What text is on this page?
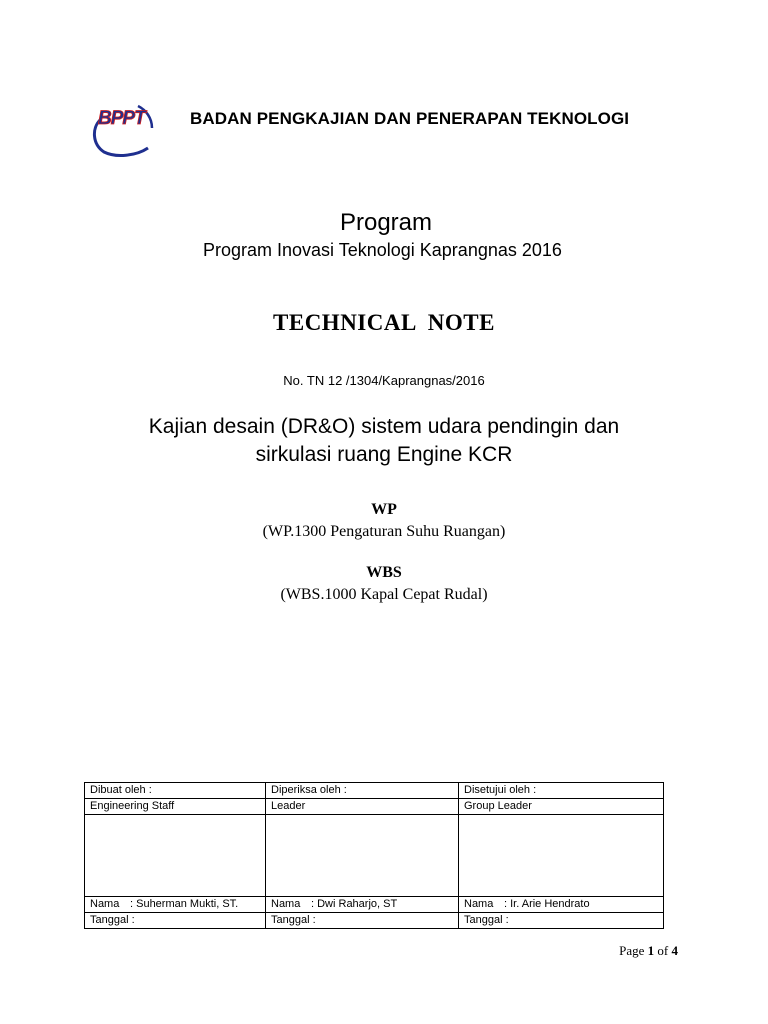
BPPT	BADAN PENGKAJIAN DAN PENERAPAN TEKNOLOGI
Program
Program Inovasi Teknologi Kaprangnas 2016
TECHNICAL NOTE
No. TN 12 /1304/Kaprangnas/2016
Kajian desain (DR&O) sistem udara pendingin dan
sirkulasi ruang Engine KCR
WP
(WP.1300 Pengaturan Suhu Ruangan)
WBS
(WBS.1000 Kapal Cepat Rudal)
Dibuat oleh :	Diperiksa oleh :	Disetujui oleh :
Engineering Staff	Leader	Group Leader

Nama : Suherman Mukti, ST.	Nama : Dwi Raharjo, ST	Nama : Ir. Arie Hendrato
Tanggal :	Tanggal :	Tanggal :
Page 1 of 4
